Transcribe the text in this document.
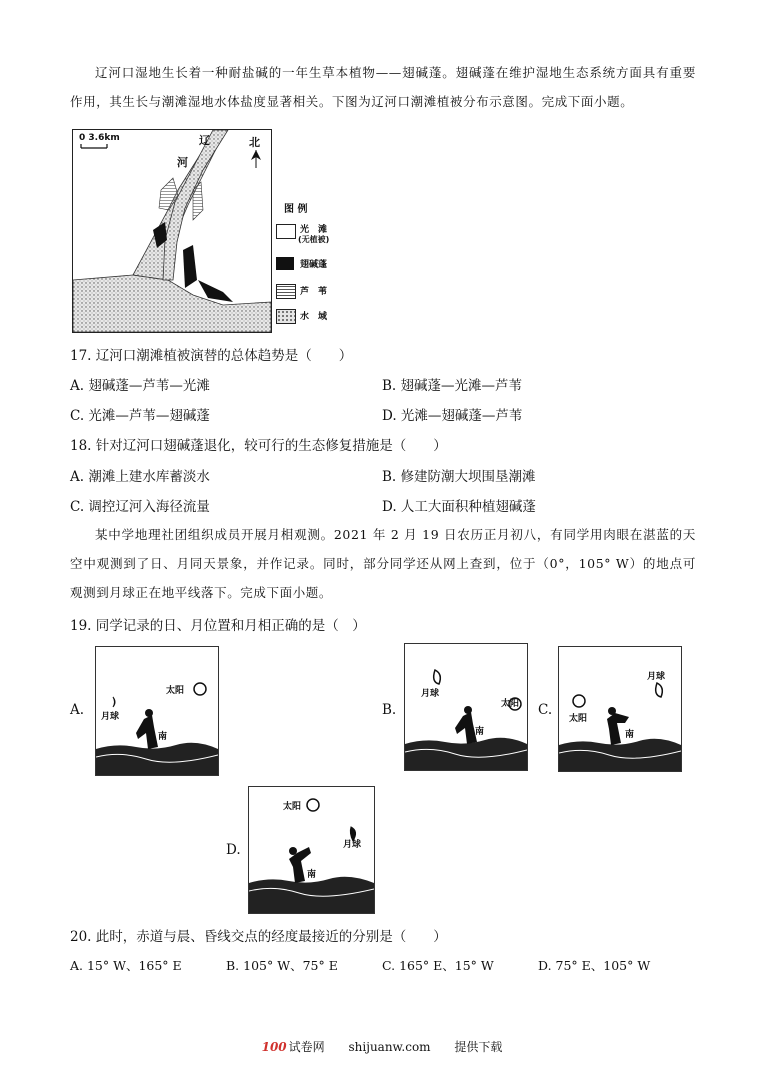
辽河口湿地生长着一种耐盐碱的一年生草本植物——翅碱蓬。翅碱蓬在维护湿地生态系统方面具有重要作用，其生长与潮滩湿地水体盐度显著相关。下图为辽河口潮滩植被分布示意图。完成下面小题。
0 3.6km	辽
河
北
图 例
光　滩
(无植被)
翅碱蓬
芦　苇
水　域
17. 辽河口潮滩植被演替的总体趋势是（　　）
A. 翅碱蓬—芦苇—光滩	B. 翅碱蓬—光滩—芦苇
C. 光滩—芦苇—翅碱蓬	D. 光滩—翅碱蓬—芦苇
18. 针对辽河口翅碱蓬退化，较可行的生态修复措施是（　　）
A. 潮滩上建水库蓄淡水	B. 修建防潮大坝围垦潮滩
C. 调控辽河入海径流量	D. 人工大面积种植翅碱蓬
某中学地理社团组织成员开展月相观测。2021 年 2 月 19 日农历正月初八，有同学用肉眼在湛蓝的天空中观测到了日、月同天景象，并作记录。同时，部分同学还从网上查到，位于（0°，105° W）的地点可观测到月球正在地平线落下。完成下面小题。
19. 同学记录的日、月位置和月相正确的是（　）
A.
太阳
月球
南
B.
月球
太阳
南
C.
太阳
月球
南
D.
太阳
月球
南
20. 此时，赤道与晨、昏线交点的经度最接近的分别是（　　）
A. 15° W、165° E	B. 105° W、75° E	C. 165° E、15° W	D. 75° E、105° W
100 试卷网 shijuanw.com 提供下载
